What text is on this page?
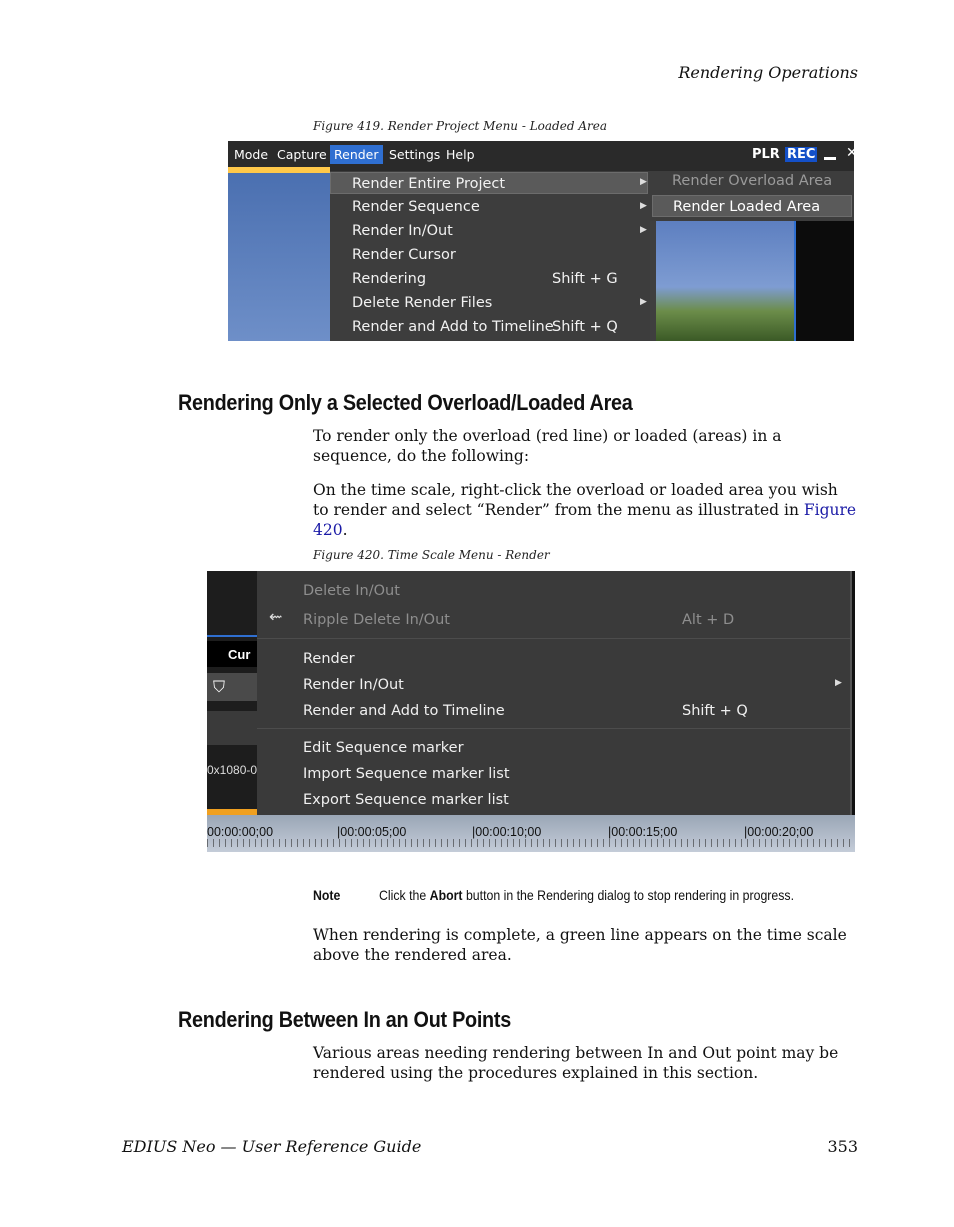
Rendering Operations
Figure 419. Render Project Menu - Loaded Area
Mode Capture Render Settings Help	PLR REC ✕
Render Entire Project	▶
Render Sequence	▶
Render In/Out	▶
Render Cursor
Rendering	Shift + G
Delete Render Files	▶
Render and Add to Timeline
Shift + Q
Render Overload Area
Render Loaded Area
Rendering Only a Selected Overload/Loaded Area
To render only the overload (red line) or loaded (areas) in a sequence, do the following:
On the time scale, right-click the overload or loaded area you wish to render and select “Render” from the menu as illustrated in Figure 420.
Figure 420. Time Scale Menu - Render
Cur
⛉
0x1080-0
Delete In/Out
⇜ Ripple Delete In/Out	Alt + D
Render
Render In/Out	▶
Render and Add to Timeline	Shift + Q
Edit Sequence marker
Import Sequence marker list
Export Sequence marker list
00:00:00;00	|00:00:05;00	|00:00:10;00	|00:00:15;00	|00:00:20;00
Note	Click the Abort button in the Rendering dialog to stop rendering in progress.
When rendering is complete, a green line appears on the time scale above the rendered area.
Rendering Between In an Out Points
Various areas needing rendering between In and Out point may be rendered using the procedures explained in this section.
EDIUS Neo — User Reference Guide	353
